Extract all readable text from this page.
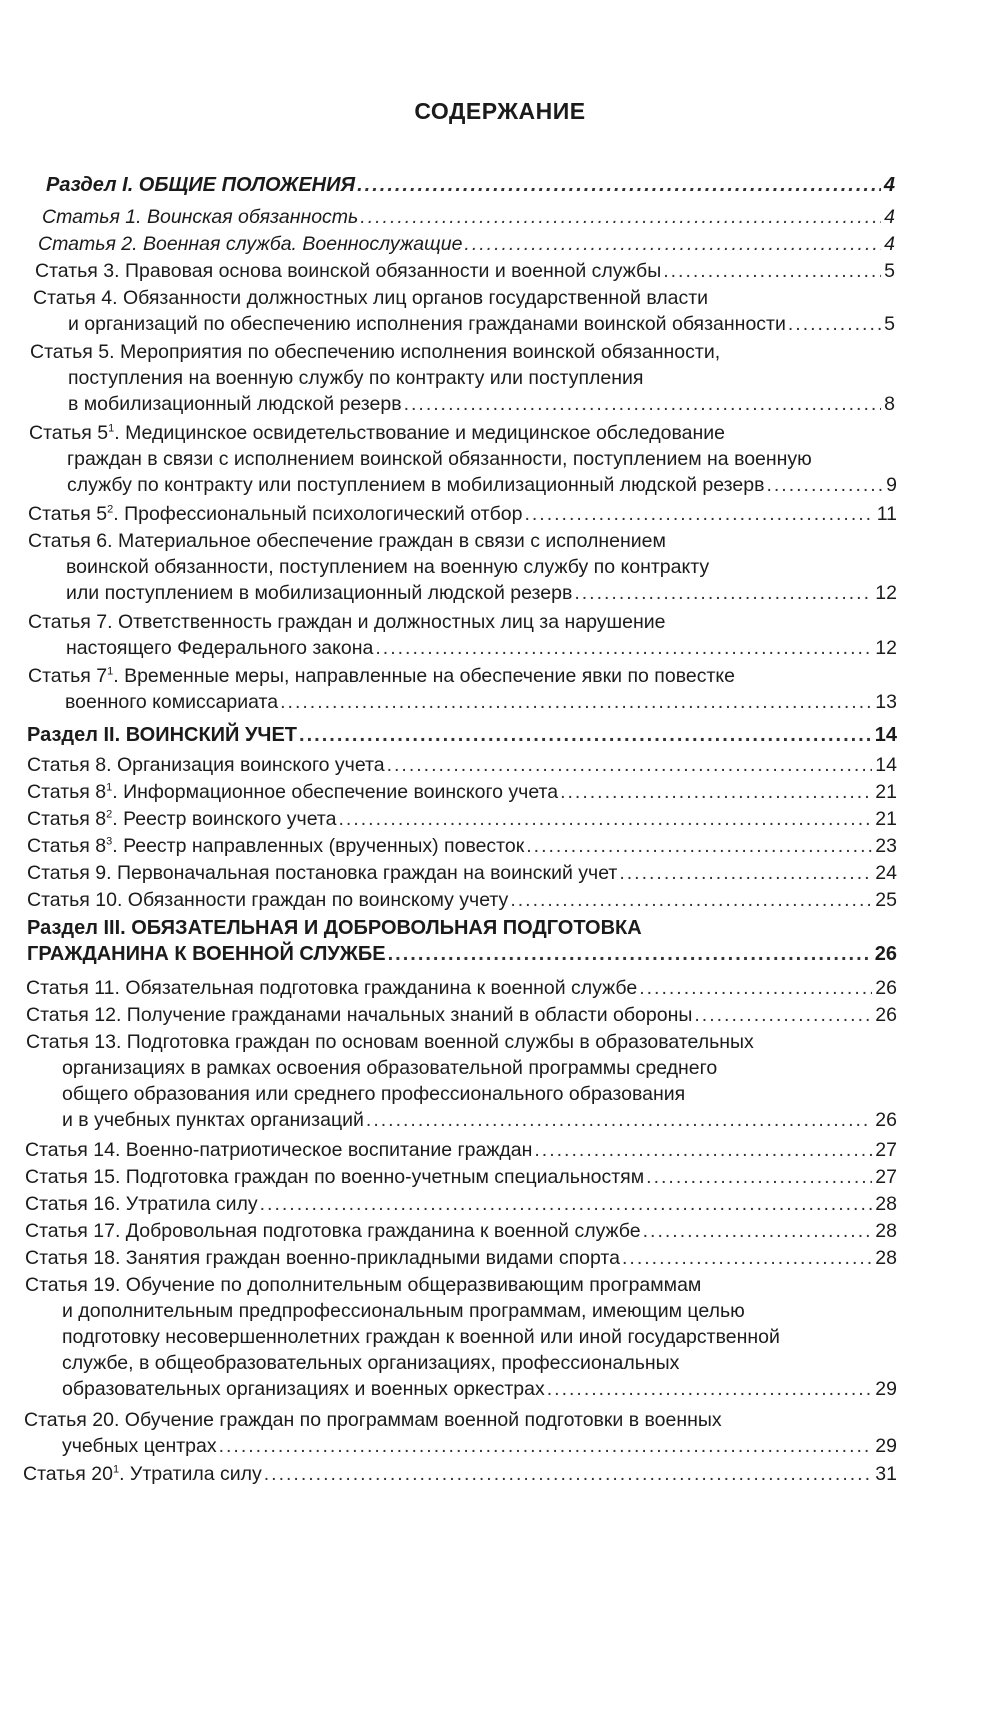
СОДЕРЖАНИЕ
Раздел I. ОБЩИЕ ПОЛОЖЕНИЯ .....	4
Статья 1. Воинская обязанность .....	4
Статья 2. Военная служба. Военнослужащие .....	4
Статья 3. Правовая основа воинской обязанности и военной службы .....	5
Статья 4. Обязанности должностных лиц органов государственной власти
и организаций по обеспечению исполнения гражданами воинской обязанности .....	5
Статья 5. Мероприятия по обеспечению исполнения воинской обязанности,
поступления на военную службу по контракту или поступления
в мобилизационный людской резерв .....	8
Статья $5^1$. Медицинское освидетельствование и медицинское обследование
граждан в связи с исполнением воинской обязанности, поступлением на военную
службу по контракту или поступлением в мобилизационный людской резерв .....	9
Статья $5^2$. Профессиональный психологический отбор .....	11
Статья 6. Материальное обеспечение граждан в связи с исполнением
воинской обязанности, поступлением на военную службу по контракту
или поступлением в мобилизационный людской резерв .....	12
Статья 7. Ответственность граждан и должностных лиц за нарушение
настоящего Федерального закона .....	12
Статья $7^1$. Временные меры, направленные на обеспечение явки по повестке
военного комиссариата .....	13
Раздел II. ВОИНСКИЙ УЧЕТ .....	14
Статья 8. Организация воинского учета .....	14
Статья $8^1$. Информационное обеспечение воинского учета .....	21
Статья $8^2$. Реестр воинского учета .....	21
Статья $8^3$. Реестр направленных (врученных) повесток .....	23
Статья 9. Первоначальная постановка граждан на воинский учет .....	24
Статья 10. Обязанности граждан по воинскому учету .....	25
Раздел III. ОБЯЗАТЕЛЬНАЯ И ДОБРОВОЛЬНАЯ ПОДГОТОВКА
ГРАЖДАНИНА К ВОЕННОЙ СЛУЖБЕ .....	26
Статья 11. Обязательная подготовка гражданина к военной службе .....	26
Статья 12. Получение гражданами начальных знаний в области обороны .....	26
Статья 13. Подготовка граждан по основам военной службы в образовательных
организациях в рамках освоения образовательной программы среднего
общего образования или среднего профессионального образования
и в учебных пунктах организаций .....	26
Статья 14. Военно-патриотическое воспитание граждан .....	27
Статья 15. Подготовка граждан по военно-учетным специальностям .....	27
Статья 16. Утратила силу .....	28
Статья 17. Добровольная подготовка гражданина к военной службе .....	28
Статья 18. Занятия граждан военно-прикладными видами спорта .....	28
Статья 19. Обучение по дополнительным общеразвивающим программам
и дополнительным предпрофессиональным программам, имеющим целью
подготовку несовершеннолетних граждан к военной или иной государственной
службе, в общеобразовательных организациях, профессиональных
образовательных организациях и военных оркестрах .....	29
Статья 20. Обучение граждан по программам военной подготовки в военных
учебных центрах .....	29
Статья $20^1$. Утратила силу .....	31
